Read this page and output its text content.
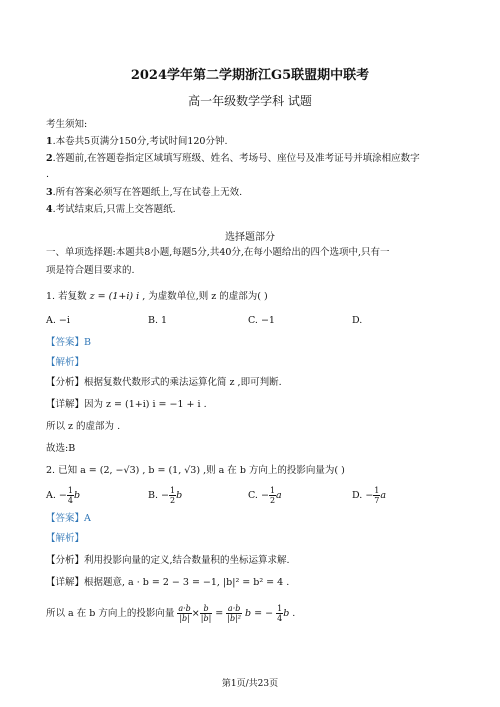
2024学年第二学期浙江G5联盟期中联考
高一年级数学学科 试题
考生须知:
1.本卷共5页满分150分,考试时间120分钟.
2.答题前,在答题卷指定区域填写班级、姓名、考场号、座位号及准考证号并填涂相应数字
.
3.所有答案必须写在答题纸上,写在试卷上无效.
4.考试结束后,只需上交答题纸.
选择题部分
一、单项选择题:本题共8小题,每题5分,共40分,在每小题给出的四个选项中,只有一
项是符合题目要求的.
1. 若复数 z = (1+i) i , 为虚数单位,则 z 的虚部为( )
A. −i	B. 1	C. −1	D.
【答案】B
【解析】
【分析】根据复数代数形式的乘法运算化简 z ,即可判断.
【详解】因为 z = (1+i) i = −1 + i .
所以 z 的虚部为 .
故选:B
2. 已知 a = (2, −√3) , b = (1, √3) ,则 a 在 b 方向上的投影向量为( )
A. − $\frac{1}{4}$ b	B. − $\frac{1}{2}$ b	C. − $\frac{1}{2}$ a	D. − $\frac{1}{7}$ a
【答案】A
【解析】
【分析】利用投影向量的定义,结合数量积的坐标运算求解.
【详解】根据题意, a · b = 2 − 3 = −1, |b|² = b² = 4 .
所以 a 在 b 方向上的投影向量 $\frac{a\cdot b}{|b|} \times \frac{b}{|b|} = \frac{a\cdot b}{\text{|b|²}}$ b = − $\frac{1}{4}$ b .
第1页/共23页
